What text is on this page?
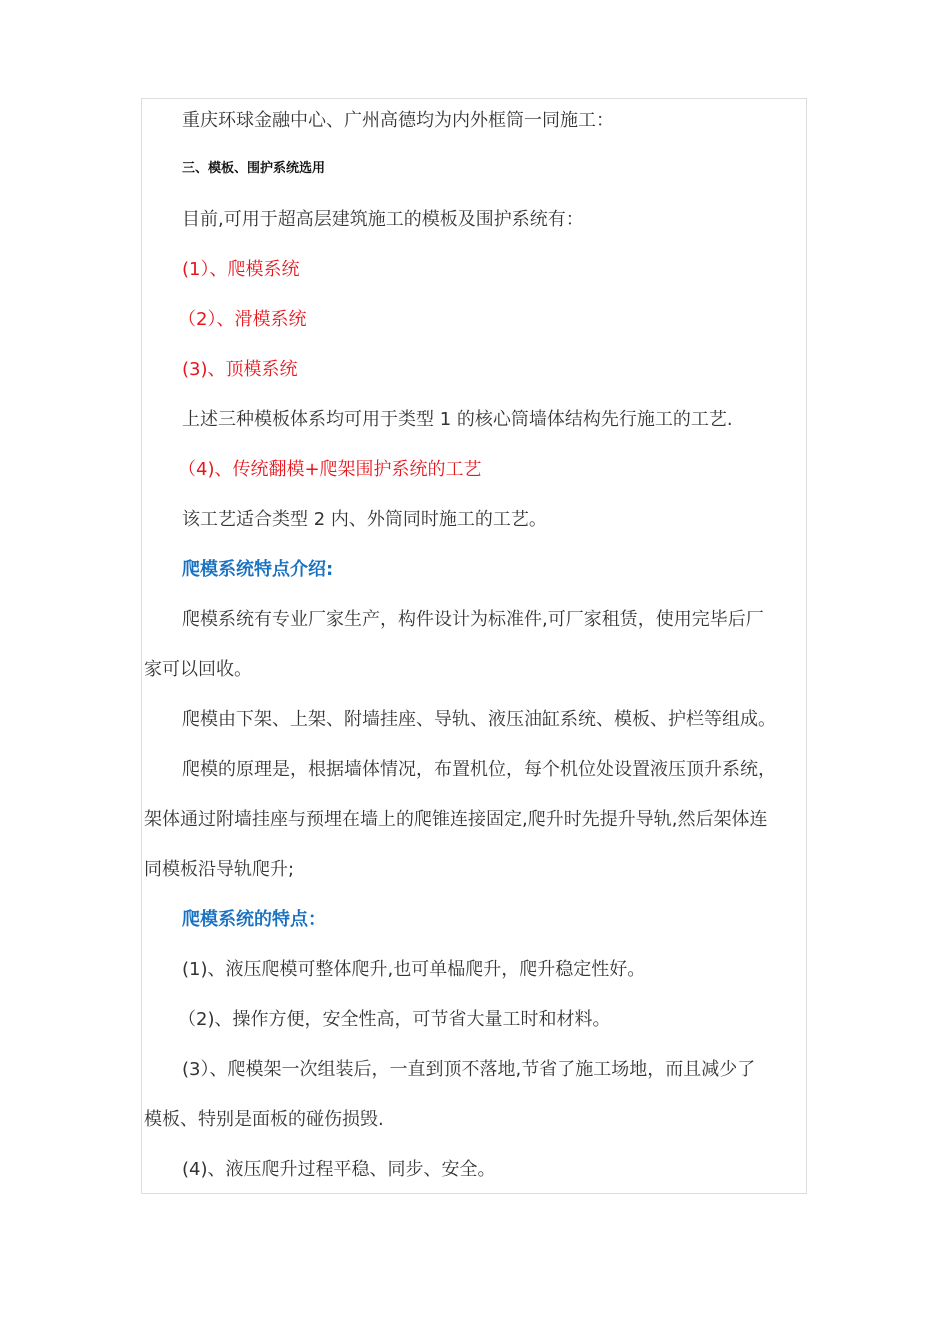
重庆环球金融中心、广州高德均为内外框筒一同施工：
三、模板、围护系统选用
目前,可用于超高层建筑施工的模板及围护系统有：
(1）、爬模系统
（2）、滑模系统
(3)、顶模系统
上述三种模板体系均可用于类型 1 的核心筒墙体结构先行施工的工艺.
（4)、传统翻模+爬架围护系统的工艺
该工艺适合类型 2 内、外筒同时施工的工艺。
爬模系统特点介绍:
爬模系统有专业厂家生产，构件设计为标准件,可厂家租赁，使用完毕后厂
家可以回收。
爬模由下架、上架、附墙挂座、导轨、液压油缸系统、模板、护栏等组成。
爬模的原理是，根据墙体情况，布置机位，每个机位处设置液压顶升系统，
架体通过附墙挂座与预埋在墙上的爬锥连接固定,爬升时先提升导轨,然后架体连
同模板沿导轨爬升;
爬模系统的特点：
(1)、液压爬模可整体爬升,也可单榀爬升，爬升稳定性好。
（2)、操作方便，安全性高，可节省大量工时和材料。
(3）、爬模架一次组装后，一直到顶不落地,节省了施工场地，而且减少了
模板、特别是面板的碰伤损毁.
(4)、液压爬升过程平稳、同步、安全。
